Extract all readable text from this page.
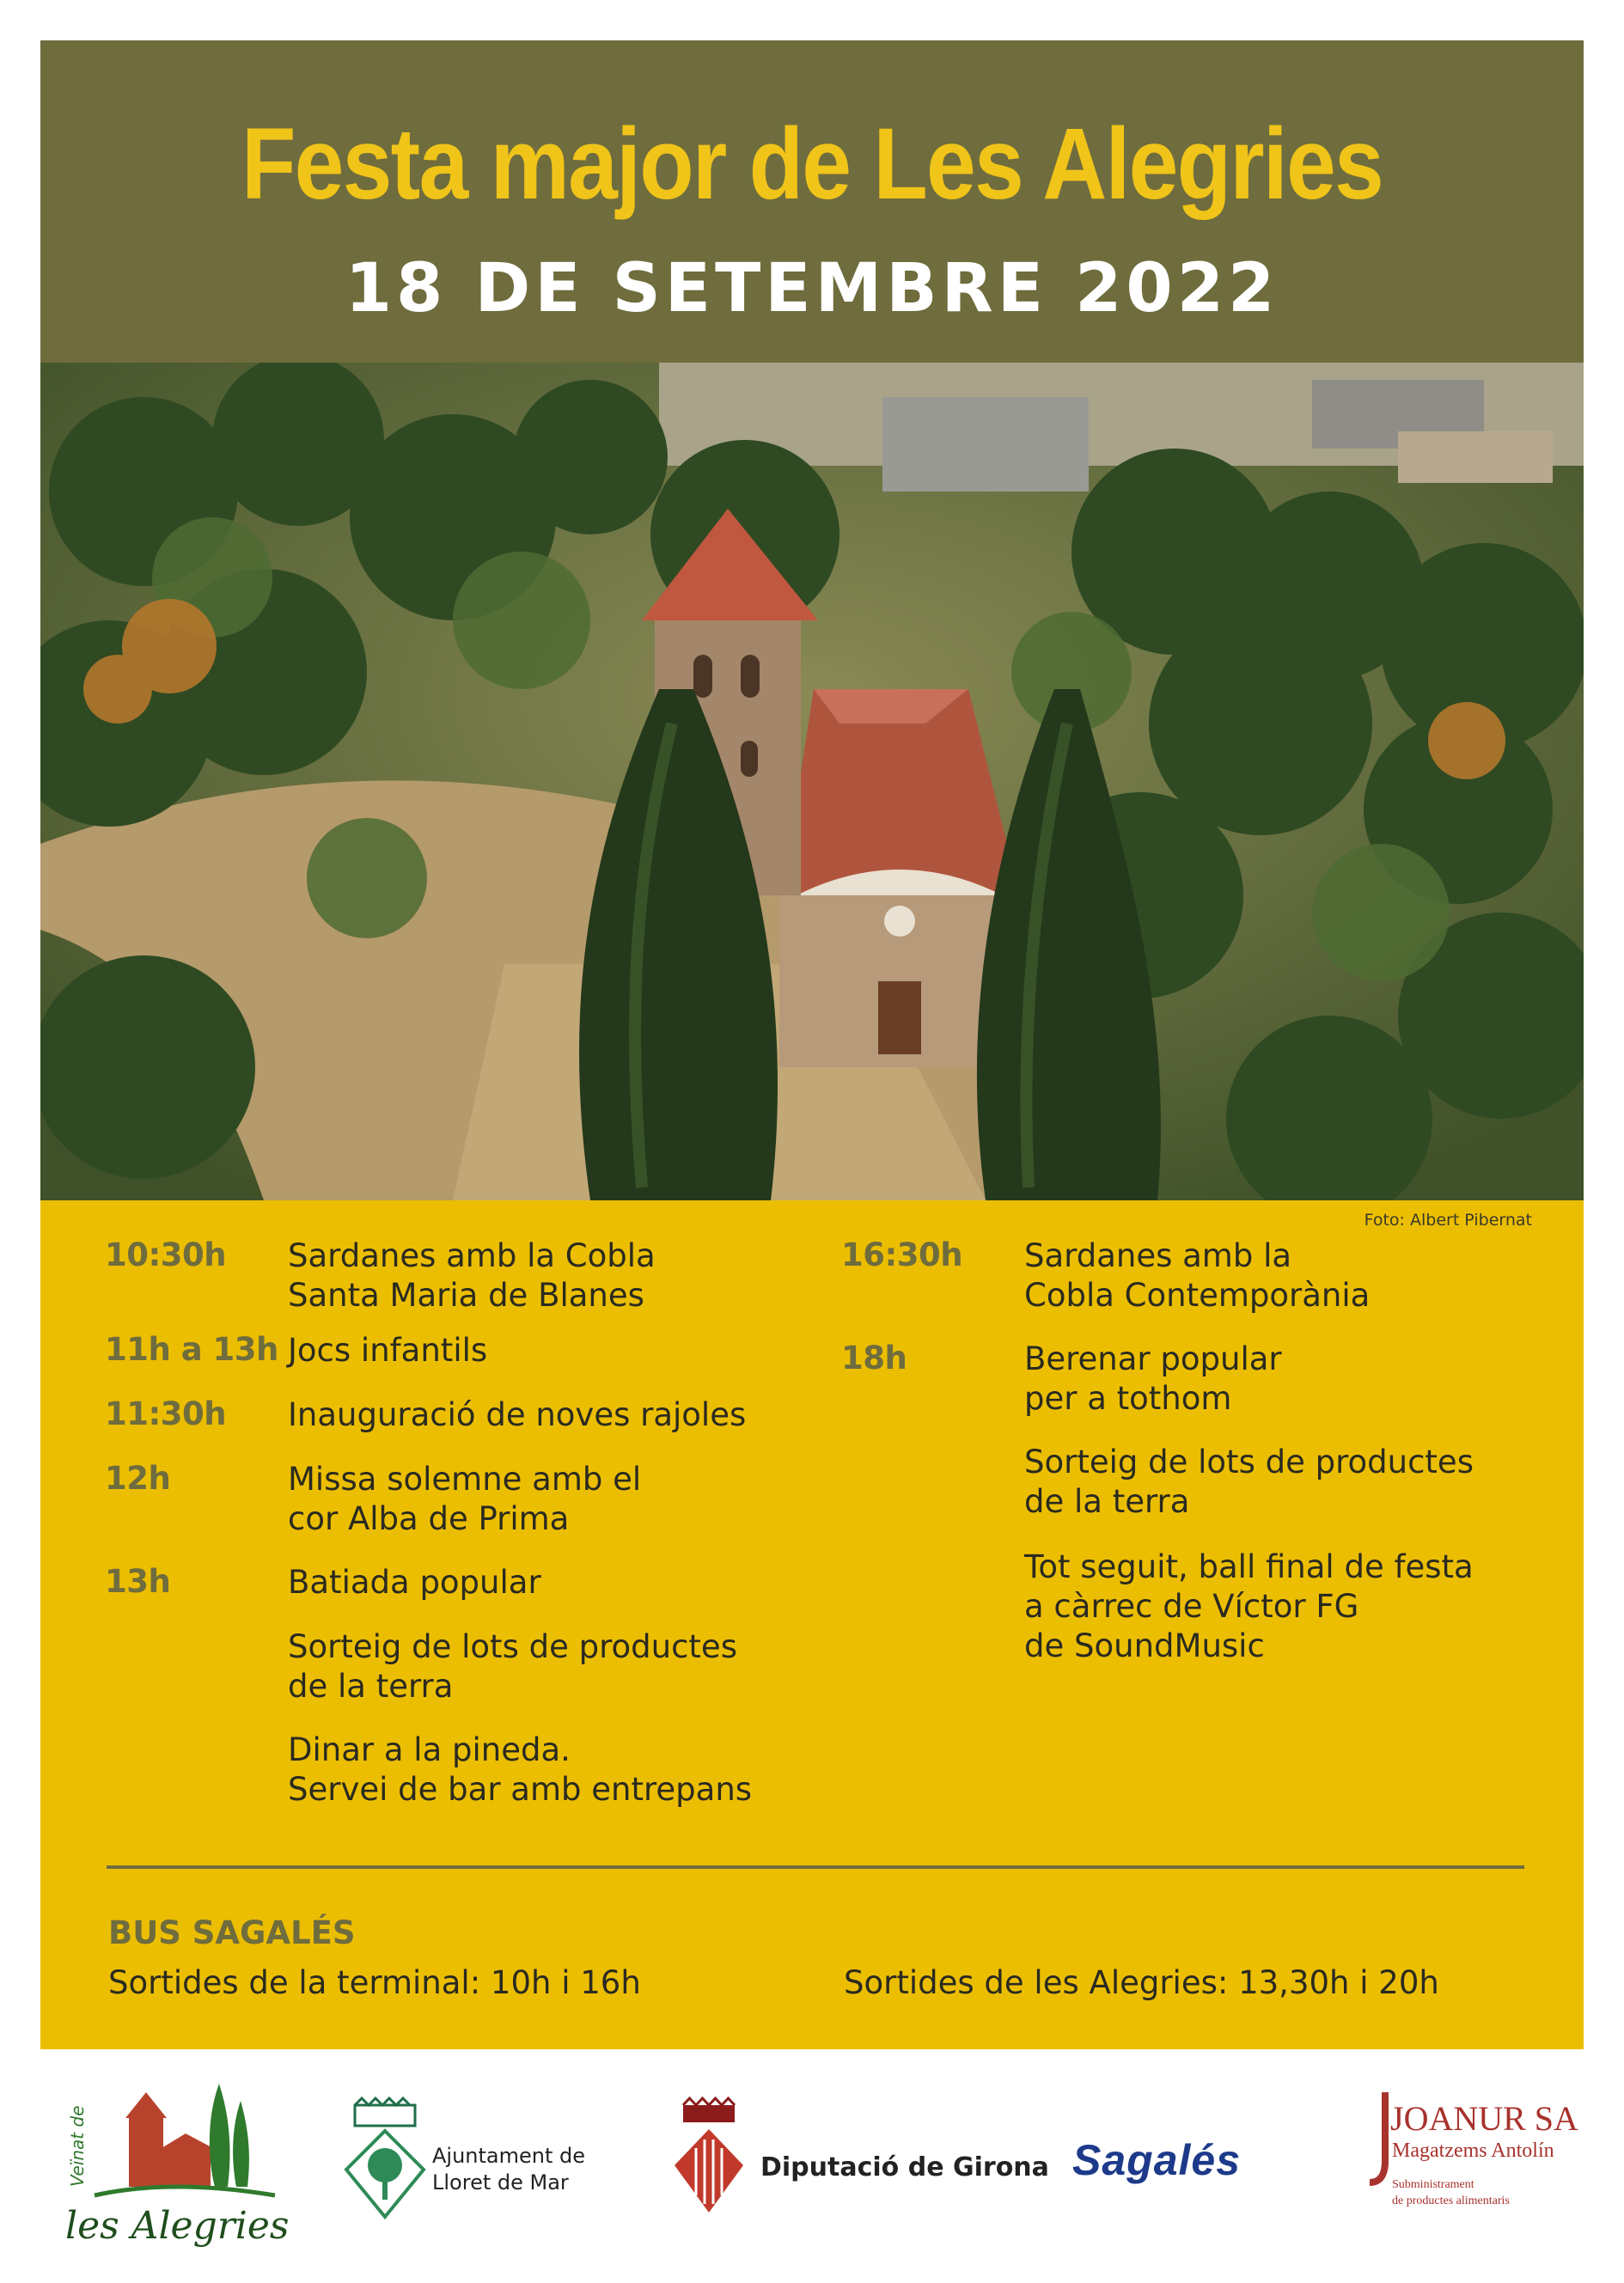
Festa major de Les Alegries
18 DE SETEMBRE 2022
Foto: Albert Pibernat
10:30h Sardanes amb la Cobla
Santa Maria de Blanes
11h a 13h Jocs infantils
11:30h Inauguració de noves rajoles
12h	Missa solemne amb el
cor Alba de Prima
13h	Batiada popular
Sorteig de lots de productes
de la terra
Dinar a la pineda.
Servei de bar amb entrepans
16:30h Sardanes amb la
Cobla Contemporània
18h	Berenar popular
per a tothom
Sorteig de lots de productes
de la terra
Tot seguit, ball final de festa
a càrrec de Víctor FG
de SoundMusic
BUS SAGALÉS
Sortides de la terminal: 10h i 16h	Sortides de les Alegries: 13,30h i 20h
Veïnat de
les Alegries
Ajuntament de
Lloret de Mar	Diputació de Girona Sagalés
JOANUR SA
Magatzems Antolín
Subministrament
de productes alimentaris
